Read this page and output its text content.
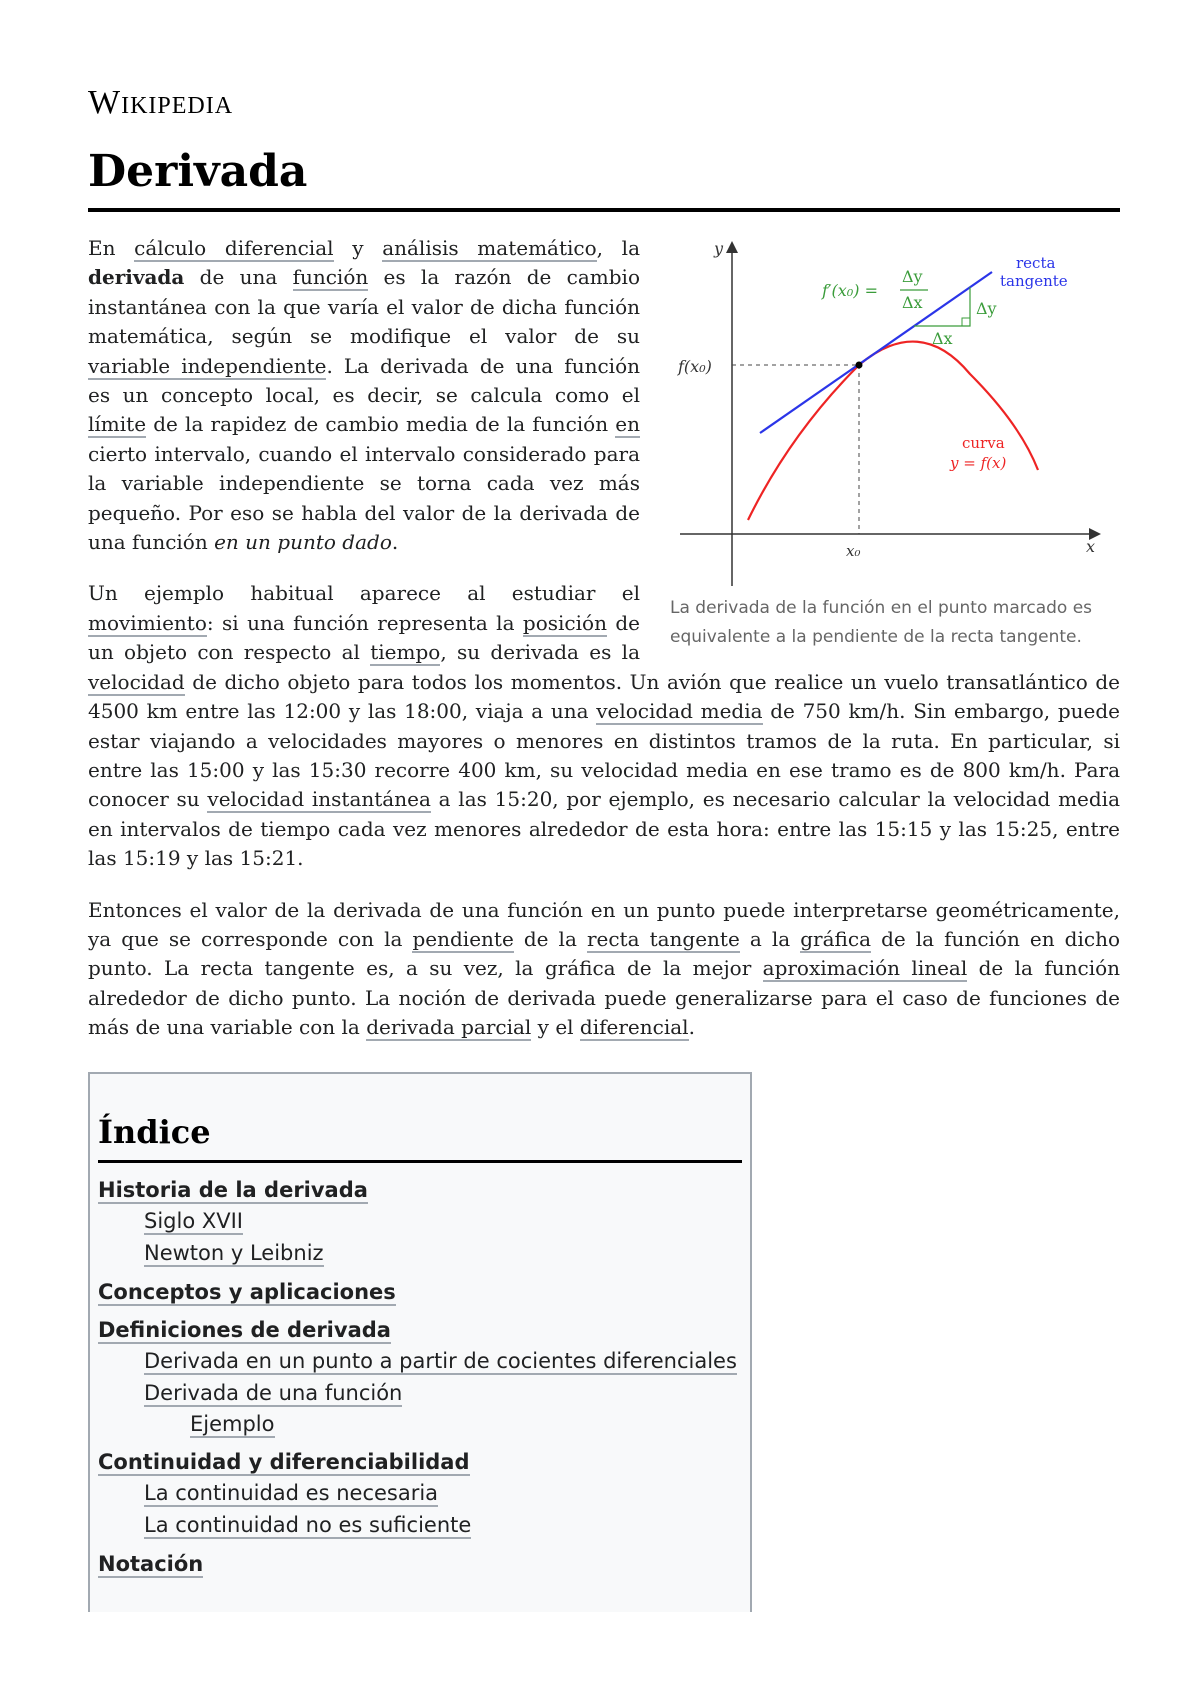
Wikipedia
Derivada
y
x
x₀
f(x₀)
Δy
Δx
f′(x₀) =
Δy
Δx
recta
tangente
curva
y = f(x)
La derivada de la función en el punto marcado es equivalente a la pendiente de la recta tangente.

En cálculo diferencial y análisis matemático, la derivada de una función es la razón de cambio instantánea con la que varía el valor de dicha función matemática, según se modifique el valor de su variable independiente. La derivada de una función es un concepto local, es decir, se calcula como el límite de la rapidez de cambio media de la función en cierto intervalo, cuando el intervalo considerado para la variable independiente se torna cada vez más pequeño. Por eso se habla del valor de la derivada de una función en un punto dado.

Un ejemplo habitual aparece al estudiar el movimiento: si una función representa la posición de un objeto con respecto al tiempo, su derivada es la velocidad de dicho objeto para todos los momentos. Un avión que realice un vuelo transatlántico de 4500 km entre las 12:00 y las 18:00, viaja a una velocidad media de 750 km/h. Sin embargo, puede estar viajando a velocidades mayores o menores en distintos tramos de la ruta. En particular, si entre las 15:00 y las 15:30 recorre 400 km, su velocidad media en ese tramo es de 800 km/h. Para conocer su velocidad instantánea a las 15:20, por ejemplo, es necesario calcular la velocidad media en intervalos de tiempo cada vez menores alrededor de esta hora: entre las 15:15 y las 15:25, entre las 15:19 y las 15:21.

Entonces el valor de la derivada de una función en un punto puede interpretarse geométricamente, ya que se corresponde con la pendiente de la recta tangente a la gráfica de la función en dicho punto. La recta tangente es, a su vez, la gráfica de la mejor aproximación lineal de la función alrededor de dicho punto. La noción de derivada puede generalizarse para el caso de funciones de más de una variable con la derivada parcial y el diferencial.

Índice
Historia de la derivada
Siglo XVII
Newton y Leibniz
Conceptos y aplicaciones
Definiciones de derivada
Derivada en un punto a partir de cocientes diferenciales
Derivada de una función
Ejemplo
Continuidad y diferenciabilidad
La continuidad es necesaria
La continuidad no es suficiente
Notación
